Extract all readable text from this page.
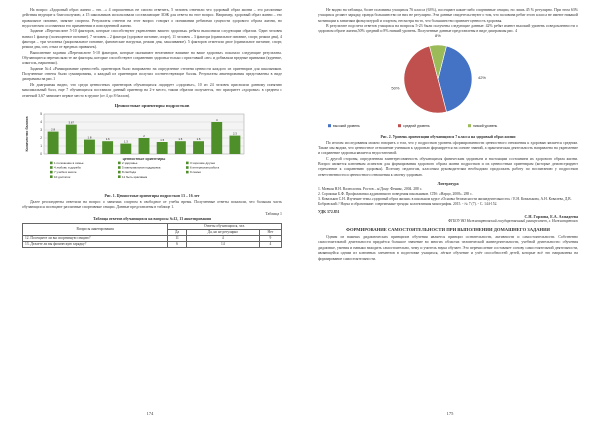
На вопрос «Здоровый образ жизни – это…» 4 опрошенных не смогли ответить, 5 человек ответили что здоровый образ жизни – это различные действия ведущие к благополучию, а 15 школьников использовали составляющие ЗОЖ для ответа на этот вопрос. Например, здоровый образ жизни – это правильное питание, занятие спортом. Результаты ответов на этот вопрос говорят о понимании ребятами сущности здорового образа жизни, но недостаточно осознанном его применении в повседневной жизни.

Задание «Перечислите 5-10 факторов, которые способствуют укреплению вашего здоровья» ребята выполнили следующим образом. Один человек назвал 1 фактор (полноценное питание). 7 человек – 2 фактора (здоровое питание, спорт), 11 человек – 3 фактора (правильное питание, спорт, режим дня), 4 фактора – три человека (рациональное питание, физические нагрузки, режим дня, закаливание). 5 факторов отметили двое (правильное питание, спорт, режим дня, сон, отказ от вредных привычек).

Выполнение задания «Перечислите 5-10 факторов, которые оказывают негативное влияние на ваше здоровье» показало следующие результаты. Обучающиеся перечисляли те же факторы, которые способствуют сохранению здоровья только с приставкой «не» и добавляли вредные привычки (курение, алкоголь, наркотики).

Задание №4 «Ранжирование ценностей» ориентиров было направлено на определение степени ценности каждого из ориентиров для школьников. Полученные ответы были суммированы, а каждый из ориентиров получил соответствующие баллы. Результаты анкетирования представлены в виде диаграммы на рис.1

Из диаграммы видно, что среди ценностных ориентиров обучающихся лидирует «здоровье», 10 из 24 человек присвоили данному понятию максимальный балл, еще 7 обучающихся поставили данный ориентир на 2-е место, таким образом получается, что приоритет «здоровье» в среднем с отметкой 3,67 занимает первое место в группе (от 4 до 8 баллов).

Ценностные ориентиры подростков
0
1
2
3
4
5
2.8
3.67
1.8	1.6
1.3
2
1.5	1.6	1.6
4
2.3
Количество баллов
ценностные ориентиры
1 положение в семье	2 здоровье	3 хорошие друзья
4 любовь и дружба	5 материальная поддержка	6 интересная работа
7 учеба в школе	8 свобода	9 семья
10 достаток	11 быть красивым
Рис. 1. Ценностные ориентиры подростков 13 – 16 лет

Далее респонденты ответили на вопрос о занятиях спортом в свободное от учебы время. Полученные ответы показали, что большая часть обучающихся посещают различные спортивные секции. Данные представлены в таблице 1.

Таблица 1
Таблица ответов обучающихся на вопросы №12, 13 анкетирования
Вопросы анкетирования	Ответы обучающихся, чел.		
	Да	Да, но не регулярно	Нет
12. Посещаете ли вы спортивную секцию?	11	4	9
13. Делаете ли вы физическую зарядку?	6	14	4
174

Не видно на таблицы, более половины учащихся 76 класса (63%), посещают какие-либо спортивные секции, но лишь 45 % регулярно. При этом 63% учащихся делают зарядку, правда большинство из них не регулярно. Эти данные свидетельствуют о том, что половина ребят этого класса не имеют никакой мотивации к занятиям физкультурой и спортом, несмотря на то, что большинство признает ценность здоровья.

В результате подсчета ответов учащихся на вопросы 5-23 были получены следующие данные: 42% ребят имеют высокий уровень осведомленности о здоровом образе жизни,50% средний и 8% низкий уровень. Полученные данные представлены в виде диаграммы рис. 4

42%
50%
8%
высокий уровень	средний уровень	низкий уровень
Рис. 2. Уровень ориентации обучающихся 7 класса на здоровый образ жизни

По итогам исследования можно говорить о том, что у подростков уровень сформированности ценностного отношения к здоровью является средним. Также мы видим, что ценностное отношение учеников к здоровью формируется на основе знаний, а практическая деятельность направлена на укрепление и сохранение здоровья является недостаточной.

С другой стороны, определенная заинтересованность обучающихся физическим здоровьем и настоящим состоянием их здорового образа жизни. Вопрос является ключевым аспектом для формирования здорового образа жизни подростков и их ценностным ориентирам (которые демонстрируют стремление к сохранению здоровья). Поэтому педагогам, классным руководителям необходимо продолжать работу по воспитанию у подростков ответственности и ценностного отношения к своему здоровью.

Литература

1. Мовчан Н.Н. Валеология. Ростов – н/Дону: Феникс, 2004. 288 с.

2. Сорокина Б.Ф. Профилактика аддиктивного поведения школьников. СПб: «Нарцо, 2008». 288 с.

3. Ковальков С.Н. Изучение темы «здоровый образ жизни» в школьном курсе «Основы безопасности жизнедеятельности» / Е.Н. Ковалькова, А.Н. Ковалева, Д.В. Бобровский // Наука и образование: современные тренды: коллективная монография. 2015. - № 7 (7). - С. 144-152.

УДК 372.851
С.Н. Горлова, Е.А. Ахмадеева
ФГБОУ ВО Нижневартовский государственный университет, г. Нижневартовск
ФОРМИРОВАНИЕ САМОСТОЯТЕЛЬНОСТИ ПРИ ВЫПОЛНЕНИИ ДОМАШНЕГО ЗАДАНИЯ

Одним из важных дидактических принципов обучения является принцип сознательности, активности и самостоятельности. Собственно самостоятельной деятельности придаётся большое значение во многих областях человеческой жизнедеятельности, учебной деятельности: обучения дидактике, умения и навыки находить самостоятельно, чему и учитель наука обучает. Это перечисление составляет основу самостоятельной деятельности, являющейся одним из ключевых элементов в подготовке учащихся, лёгкое обучение и учёт способностей детей, которые всё это направлены на формирование самостоятельности.

175
